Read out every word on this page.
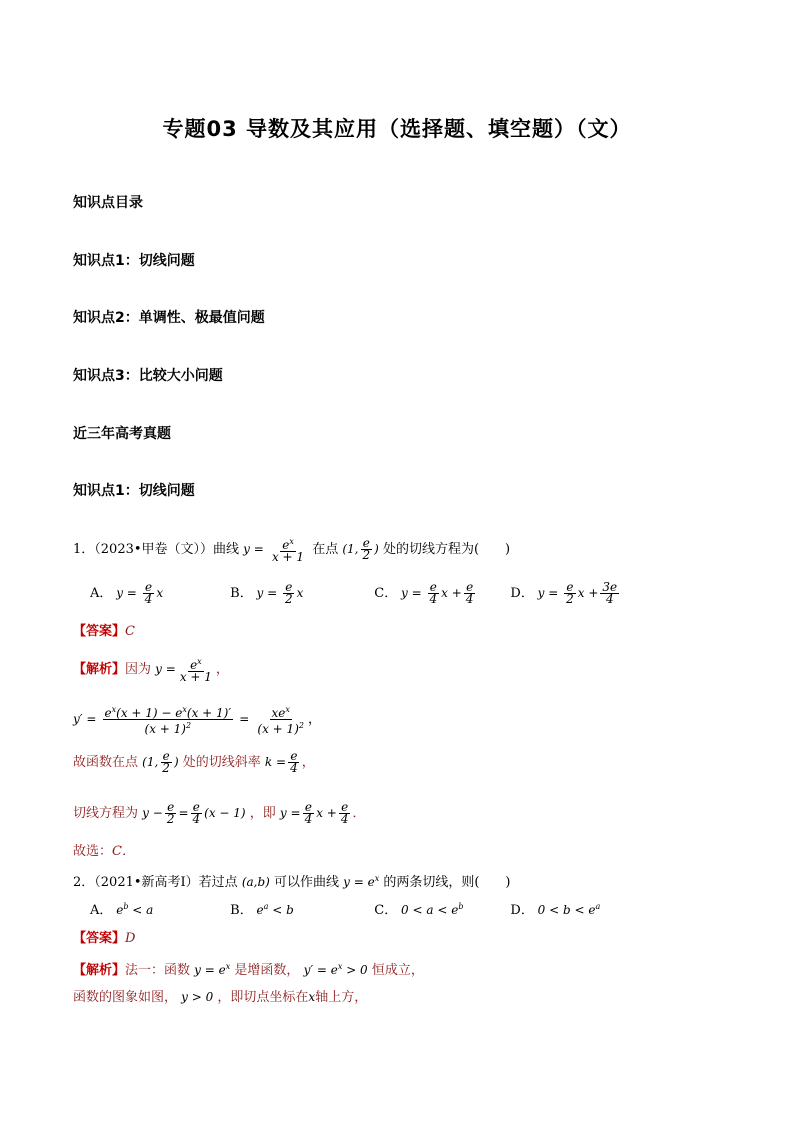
专题03 导数及其应用（选择题、填空题）（文）
知识点目录
知识点1：切线问题
知识点2：单调性、极最值问题
知识点3：比较大小问题
近三年高考真题
知识点1：切线问题
1．（2023•甲卷（文））曲线 $y = \frac{e^x}{x + 1}$ 在点 (1, $\frac{e}{2}$ ) 处的切线方程为(　　)
A． $y = \frac{e}{4}$ x	B． $y = \frac{e}{2}$ x	C． $y = \frac{e}{4}$ $x + \frac{e}{4}$	D． $y = \frac{e}{2}$ $x + \frac{3e}{4}$
【答案】C
【解析】因为 $y = \frac{e^x}{x + 1}$ ，
$y' = \frac{e^x(x + 1) - e^x(x + 1)'}{(x + 1)^2} = \frac{xe^x}{(x + 1)^2}$ ，
故函数在点 (1, $\frac{e}{2}$ ) 处的切线斜率 $k = \frac{e}{4}$ ，
切线方程为 $y - \frac{e}{2} = \frac{e}{4} (x - 1)$ ，即 $y = \frac{e}{4}$ $x + \frac{e}{4}$ ．
故选：C．
2．（2021•新高考Ⅰ）若过点 (a,b) 可以作曲线 $y = e^x$ 的两条切线，则(　　)
A． $e^b < a$	B． $e^a < b$	C． $0 < a < e^b$	D． $0 < b < e^a$
【答案】D
【解析】法一：函数 $y = e^x$ 是增函数， $y' = e^x > 0$ 恒成立，
函数的图象如图， y > 0 ，即切点坐标在x轴上方，
